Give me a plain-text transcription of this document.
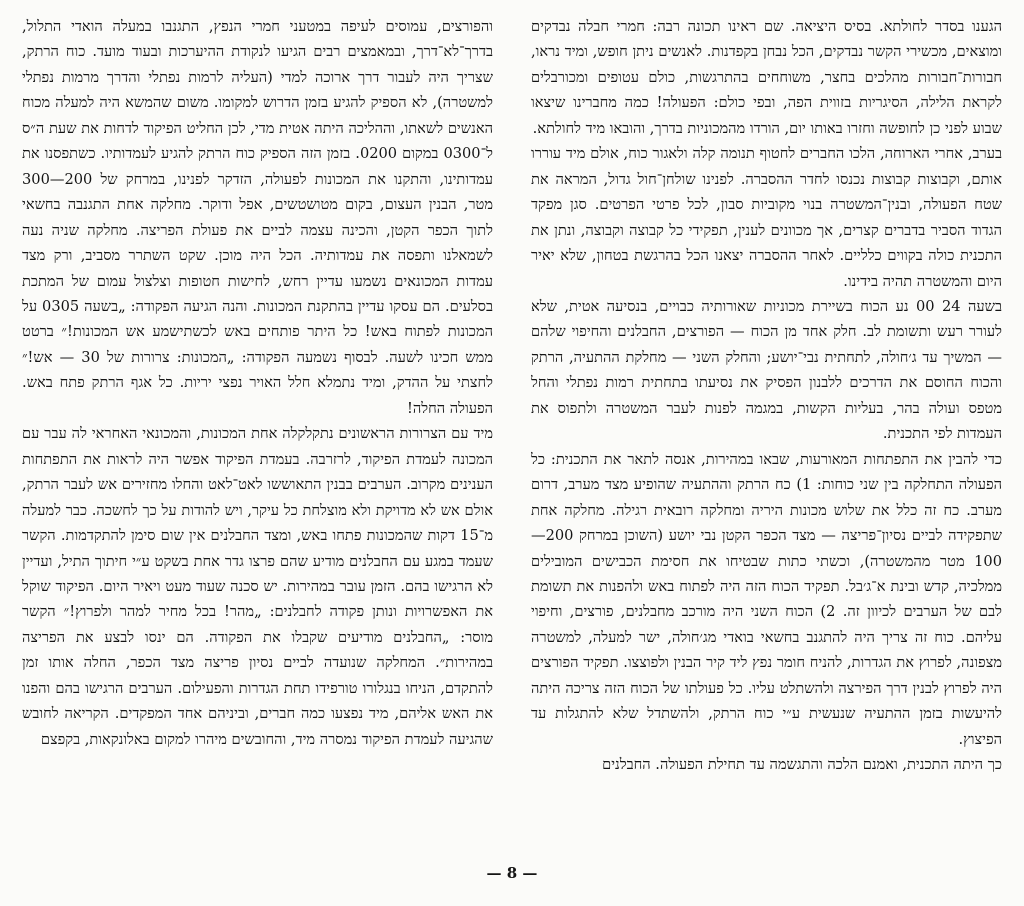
הגענו בסדר לחולתא. בסיס היציאה. שם ראינו תכונה רבה: חמרי חבלה נבדקים ומוצאים, מכשירי הקשר נבדקים, הכל נבחן בקפדנות. לאנשים ניתן חופש, ומיד נראו, חבורות־חבורות מהלכים בחצר, משוחחים בהתרגשות, כולם עטופים ומכורבלים לקראת הלילה, הסיגריות בזווית הפה, ובפי כולם: הפעולה! כמה מחברינו שיצאו שבוע לפני כן לחופשה וחזרו באותו יום, הורדו מהמכוניות בדרך, והובאו מיד לחולתא.

בערב, אחרי הארוחה, הלכו החברים לחטוף תנומה קלה ולאגור כוח, אולם מיד עוררו אותם, וקבוצות קבוצות נכנסו לחדר ההסברה. לפנינו שולחן־חול גדול, המראה את שטח הפעולה, ובנין־המשטרה בנוי מקוביות סבון, לכל פרטי הפרטים. סגן מפקד הגדוד הסביר בדברים קצרים, אך מכוונים לענין, תפקידי כל קבוצה וקבוצה, ונתן את התכנית כולה בקווים כלליים. לאחר ההסברה יצאנו הכל בהרגשת בטחון, שלא יאיר היום והמשטרה תהיה בידינו.

בשעה 24 00 נע הכוח בשיירת מכוניות שאורותיה כבויים, בנסיעה אטית, שלא לעורר רעש ותשומת לב. חלק אחד מן הכוח — הפורצים, החבלנים והחיפוי שלהם — המשיך עד ג׳חולה, לתחתית נבי־יושע; והחלק השני — מחלקת ההתעיה, הרתק והכוח החוסם את הדרכים ללבנון הפסיק את נסיעתו בתחתית רמות נפתלי והחל מטפס ועולה בהר, בעליות הקשות, במגמה לפנות לעבר המשטרה ולתפוס את העמדות לפי התכנית.

כדי להבין את התפתחות המאורעות, שבאו במהירות, אנסה לתאר את התכנית: כל הפעולה התחלקה בין שני כוחות: 1) כח הרתק וההתעיה שהופיע מצד מערב, דרום מערב. כח זה כלל את שלוש מכונות היריה ומחלקה רובאית רגילה. מחלקה אחת שתפקידה לביים נסיון־פריצה — מצד הכפר הקטן נבי יושע (השוכן במרחק 200—100 מטר מהמשטרה), וכשתי כתות שבטיחו את חסימת הכבישים המובילים ממלכיה, קדש ובינת א־ג׳בל. תפקיד הכוח הזה היה לפתוח באש ולהפנות את תשומת לבם של הערבים לכיוון זה. 2) הכוח השני היה מורכב מחבלנים, פורצים, וחיפוי עליהם. כוח זה צריך היה להתגנב בחשאי בואדי מג׳חולה, ישר למעלה, למשטרה מצפונה, לפרוץ את הגדרות, להניח חומר נפץ ליד קיר הבנין ולפוצצו. תפקיד הפורצים היה לפרוץ לבנין דרך הפירצה ולהשתלט עליו. כל פעולתו של הכוח הזה צריכה היתה להיעשות בזמן ההתעיה שנעשית ע״י כוח הרתק, ולהשתדל שלא להתגלות עד הפיצוץ.

כך היתה התכנית, ואמנם הלכה והתגשמה עד תחילת הפעולה. החבלנים

והפורצים, עמוסים לעיפה במטעני חמרי הנפץ, התגנבו במעלה הואדי התלול, בדרך־לא־דרך, ובמאמצים רבים הגיעו לנקודת ההיערכות ובעוד מועד. כוח הרתק, שצריך היה לעבור דרך ארוכה למדי (העליה לרמות נפתלי והדרך מרמות נפתלי למשטרה), לא הספיק להגיע בזמן הדרוש למקומו. משום שהמשא היה למעלה מכוח האנשים לשאתו, וההליכה היתה אטית מדי, לכן החליט הפיקוד לדחות את שעת ה״ס ל־0300 במקום 0200. בזמן הזה הספיק כוח הרתק להגיע לעמדותיו. כשתפסנו את עמדותינו, והתקנו את המכונות לפעולה, הזדקר לפנינו, במרחק של 200—300 מטר, הבנין העצום, בקום מטושטשים, אפל ודוקר. מחלקה אחת התגנבה בחשאי לתוך הכפר הקטן, והכינה עצמה לביים את פעולת הפריצה. מחלקה שניה נעה לשמאלנו ותפסה את עמדותיה. הכל היה מוכן. שקט השתרר מסביב, ורק מצד עמדות המכונאים נשמעו עדיין רחש, לחישות חטופות וצלצול עמום של המתכת בסלעים. הם עסקו עדיין בהתקנת המכונות. והנה הגיעה הפקודה: „בשעה 0305 על המכונות לפתוח באש! כל היתר פותחים באש לכשתישמע אש המכונות!״ ברטט ממש חכינו לשעה. לבסוף נשמעה הפקודה: „המכונות: צרורות של 30 — אש!״ לחצתי על ההדק, ומיד נתמלא חלל האויר נפצי יריות. כל אגף הרתק פתח באש. הפעולה החלה!

מיד עם הצרורות הראשונים נתקלקלה אחת המכונות, והמכונאי האחראי לה עבר עם המכונה לעמדת הפיקוד, לרזרבה. בעמדת הפיקוד אפשר היה לראות את התפתחות הענינים מקרוב. הערבים בבנין התאוששו לאט־לאט והחלו מחזירים אש לעבר הרתק, אולם אש לא מדויקת ולא מוצלחת כל עיקר, ויש להודות על כך לחשכה. כבר למעלה מ־15 דקות שהמכונות פתחו באש, ומצד החבלנים אין שום סימן להתקדמות. הקשר שעמד במגע עם החבלנים מודיע שהם פרצו גדר אחת בשקט ע״י חיתוך התיל, ועדיין לא הרגישו בהם. הזמן עובר במהירות. יש סכנה שעוד מעט ויאיר היום. הפיקוד שוקל את האפשרויות ונותן פקודה לחבלנים: „מהר! בכל מחיר למהר ולפרוץ!״ הקשר מוסר: „החבלנים מודיעים שקבלו את הפקודה. הם ינסו לבצע את הפריצה במהירות״. המחלקה שנועדה לביים נסיון פריצה מצד הכפר, החלה אותו זמן להתקדם, הניחו בנגלורו טורפידו תחת הגדרות והפעילום. הערבים הרגישו בהם והפנו את האש אליהם, מיד נפצעו כמה חברים, וביניהם אחד המפקדים. הקריאה לחובש שהגיעה לעמדת הפיקוד נמסרה מיד, והחובשים מיהרו למקום באלונקאות, בקפצם

— 8 —
